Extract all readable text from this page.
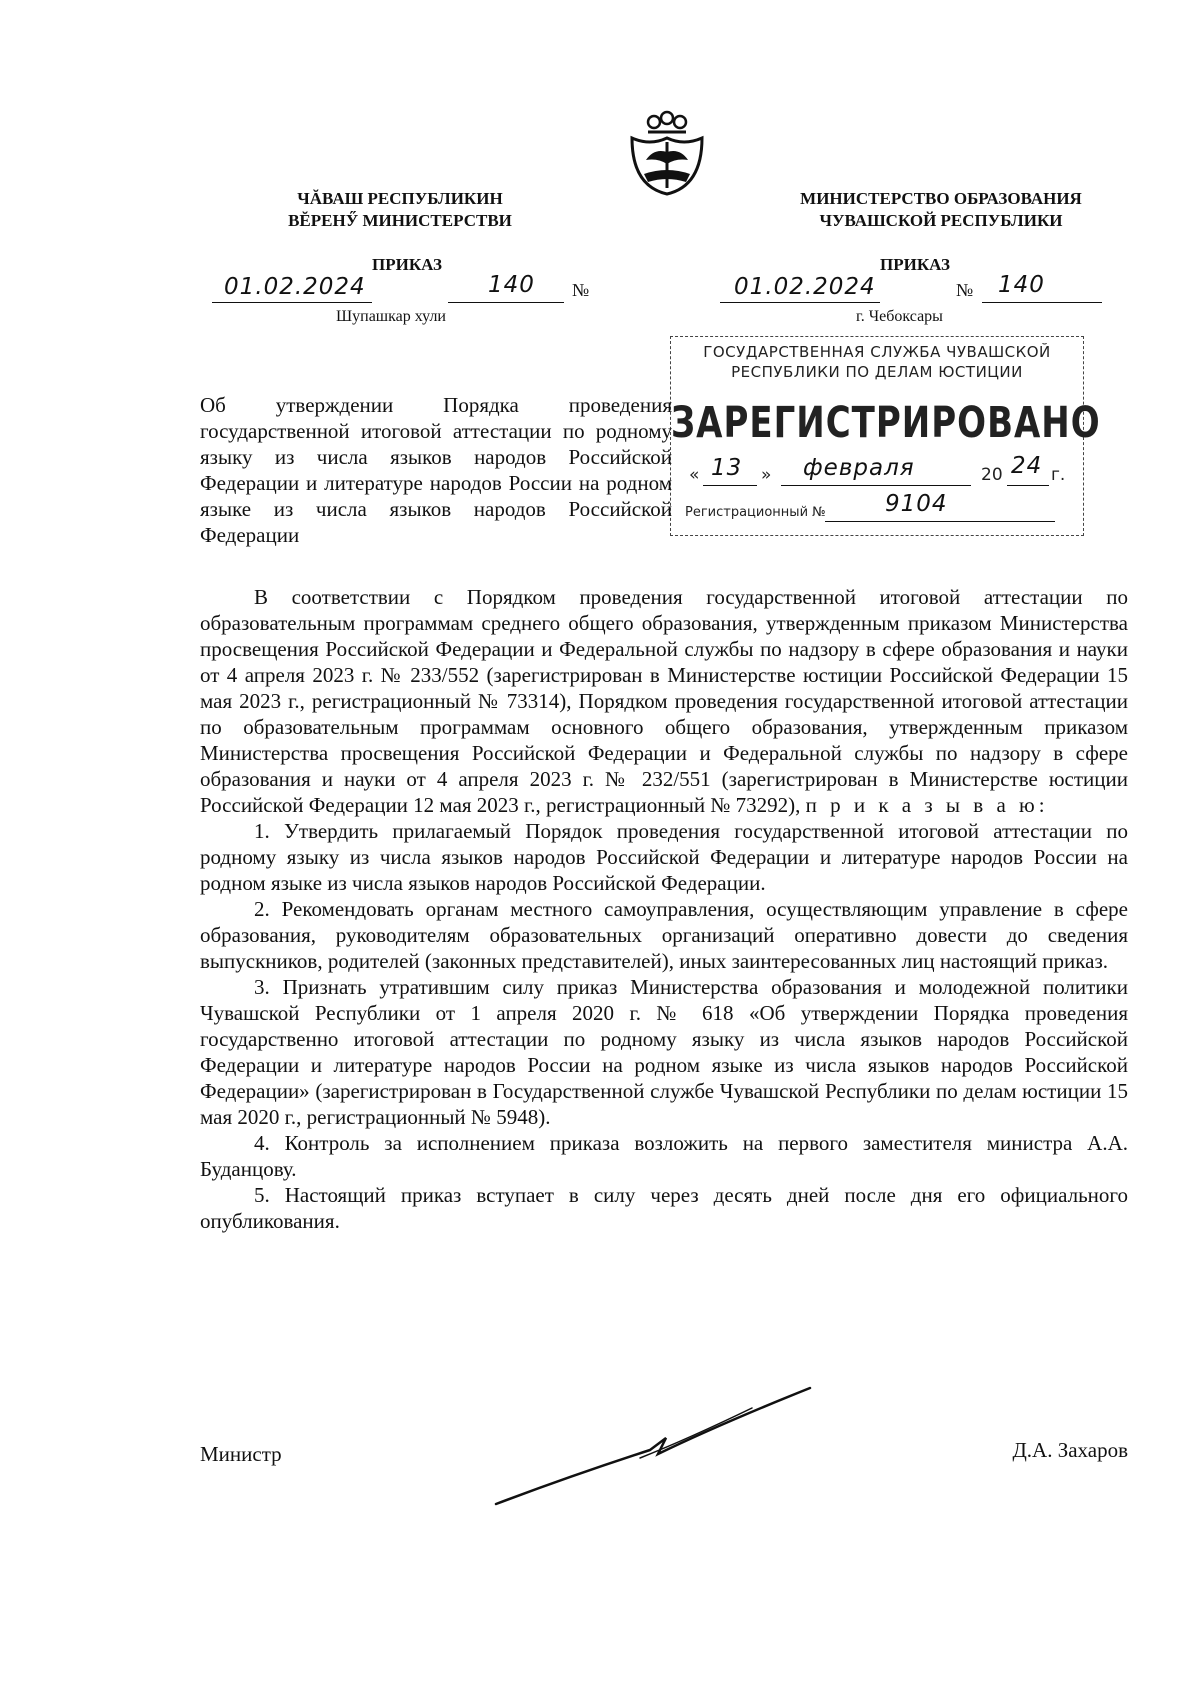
ЧĂВАШ РЕСПУБЛИКИН
ВĔРЕНӲ МИНИСТЕРСТВИ
МИНИСТЕРСТВО ОБРАЗОВАНИЯ
ЧУВАШСКОЙ РЕСПУБЛИКИ
ПРИКАЗ
01.02.2024	140 №
Шупашкар хули
ПРИКАЗ
01.02.2024	№ 140
г. Чебоксары
ГОСУДАРСТВЕННАЯ СЛУЖБА ЧУВАШСКОЙ
РЕСПУБЛИКИ ПО ДЕЛАМ ЮСТИЦИИ
ЗАРЕГИСТРИРОВАНО
« 13 » февраля	20 24 г.
Регистрационный №	9104
Об утверждении Порядка проведения государственной итоговой аттестации по родному языку из числа языков народов Российской Федерации и литературе народов России на родном языке из числа языков народов Российской Федерации

В соответствии с Порядком проведения государственной итоговой аттестации по образовательным программам среднего общего образования, утвержденным приказом Министерства просвещения Российской Федерации и Федеральной службы по надзору в сфере образования и науки от 4 апреля 2023 г. № 233/552 (зарегистрирован в Министерстве юстиции Российской Федерации 15 мая 2023 г., регистрационный № 73314), Порядком проведения государственной итоговой аттестации по образовательным программам основного общего образования, утвержденным приказом Министерства просвещения Российской Федерации и Федеральной службы по надзору в сфере образования и науки от 4 апреля 2023 г. № 232/551 (зарегистрирован в Министерстве юстиции Российской Федерации 12 мая 2023 г., регистрационный № 73292), п р и к а з ы в а ю:

1. Утвердить прилагаемый Порядок проведения государственной итоговой аттестации по родному языку из числа языков народов Российской Федерации и литературе народов России на родном языке из числа языков народов Российской Федерации.

2. Рекомендовать органам местного самоуправления, осуществляющим управление в сфере образования, руководителям образовательных организаций оперативно довести до сведения выпускников, родителей (законных представителей), иных заинтересованных лиц настоящий приказ.

3. Признать утратившим силу приказ Министерства образования и молодежной политики Чувашской Республики от 1 апреля 2020 г. № 618 «Об утверждении Порядка проведения государственно итоговой аттестации по родному языку из числа языков народов Российской Федерации и литературе народов России на родном языке из числа языков народов Российской Федерации» (зарегистрирован в Государственной службе Чувашской Республики по делам юстиции 15 мая 2020 г., регистрационный № 5948).

4. Контроль за исполнением приказа возложить на первого заместителя министра А.А. Буданцову.

5. Настоящий приказ вступает в силу через десять дней после дня его официального опубликования.

Министр	Д.А. Захаров
